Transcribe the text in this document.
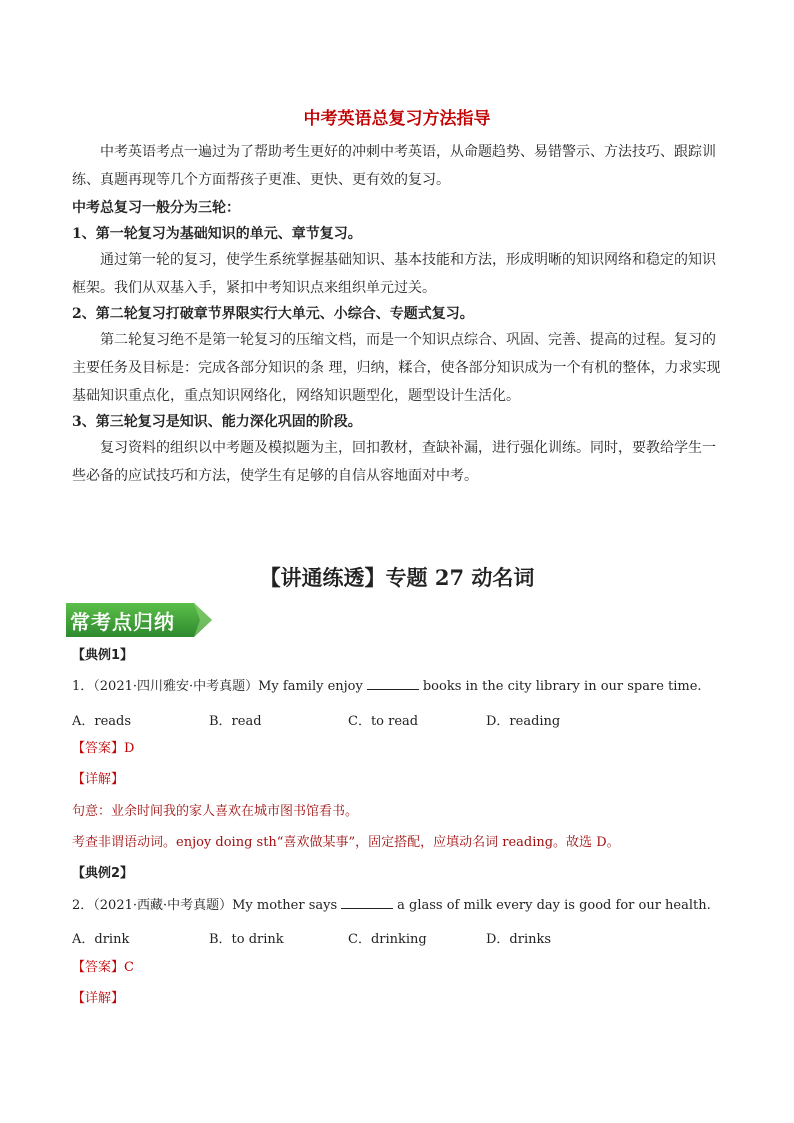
中考英语总复习方法指导
中考英语考点一遍过为了帮助考生更好的冲刺中考英语，从命题趋势、易错警示、方法技巧、跟踪训练、真题再现等几个方面帮孩子更准、更快、更有效的复习。
中考总复习一般分为三轮：
1、第一轮复习为基础知识的单元、章节复习。
通过第一轮的复习，使学生系统掌握基础知识、基本技能和方法，形成明晰的知识网络和稳定的知识框架。我们从双基入手，紧扣中考知识点来组织单元过关。
2、第二轮复习打破章节界限实行大单元、小综合、专题式复习。
第二轮复习绝不是第一轮复习的压缩文档，而是一个知识点综合、巩固、完善、提高的过程。复习的主要任务及目标是：完成各部分知识的条 理，归纳，糅合，使各部分知识成为一个有机的整体，力求实现基础知识重点化，重点知识网络化，网络知识题型化，题型设计生活化。
3、第三轮复习是知识、能力深化巩固的阶段。
复习资料的组织以中考题及模拟题为主，回扣教材，查缺补漏，进行强化训练。同时，要教给学生一些必备的应试技巧和方法，使学生有足够的自信从容地面对中考。
【讲通练透】专题 27 动名词
常考点归纳
【典例1】
1．（2021·四川雅安·中考真题）My family enjoy	books in the city library in our spare time.
A．reads	B．read	C．to read	D．reading
【答案】D
【详解】
句意：业余时间我的家人喜欢在城市图书馆看书。
考查非谓语动词。enjoy doing sth“喜欢做某事”，固定搭配，应填动名词 reading。故选 D。
【典例2】
2．（2021·西藏·中考真题）My mother says	a glass of milk every day is good for our health.
A．drink	B．to drink	C．drinking	D．drinks
【答案】C
【详解】
